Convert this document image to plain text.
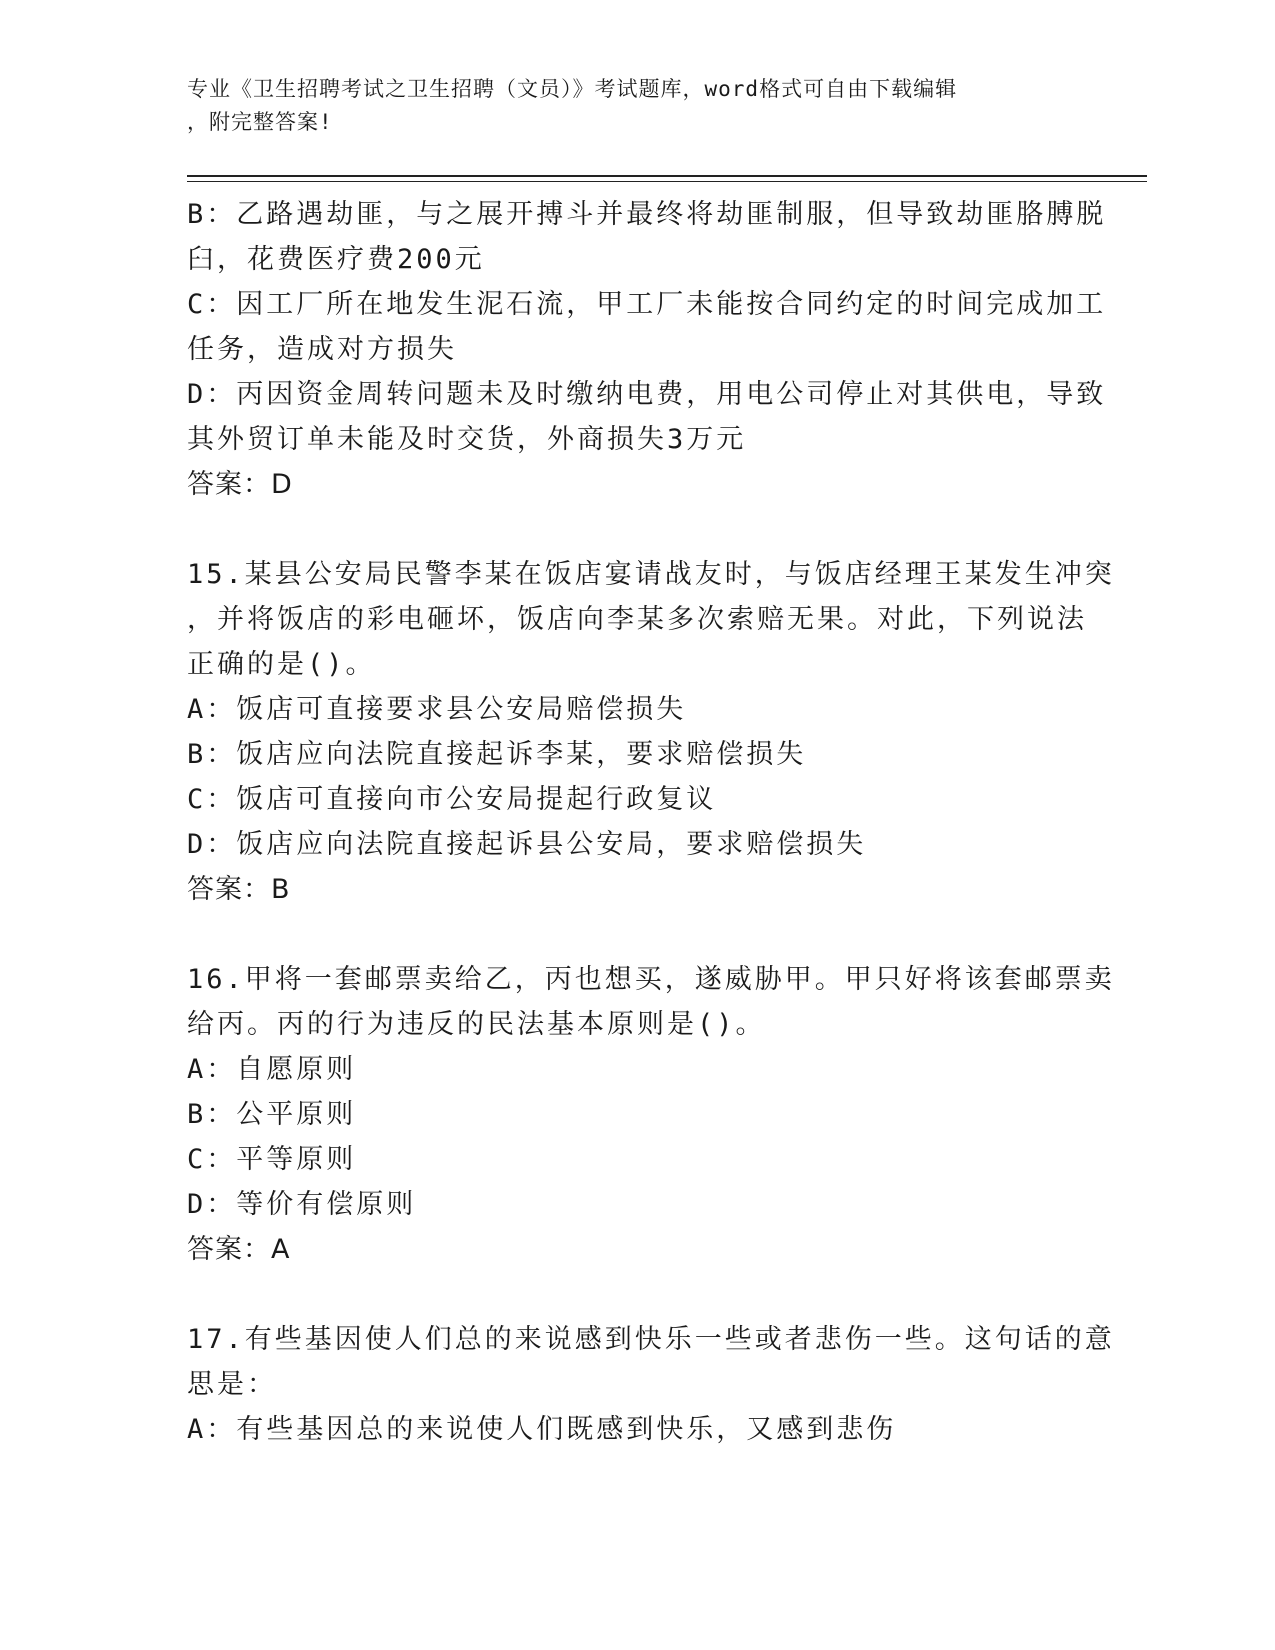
专业《卫生招聘考试之卫生招聘（文员）》考试题库，word格式可自由下载编辑
，附完整答案!
B：乙路遇劫匪，与之展开搏斗并最终将劫匪制服，但导致劫匪胳膊脱
臼，花费医疗费200元
C：因工厂所在地发生泥石流，甲工厂未能按合同约定的时间完成加工
任务，造成对方损失
D：丙因资金周转问题未及时缴纳电费，用电公司停止对其供电，导致
其外贸订单未能及时交货，外商损失3万元
答案：D
15.某县公安局民警李某在饭店宴请战友时，与饭店经理王某发生冲突
，并将饭店的彩电砸坏，饭店向李某多次索赔无果。对此，下列说法
正确的是()。
A：饭店可直接要求县公安局赔偿损失
B：饭店应向法院直接起诉李某，要求赔偿损失
C：饭店可直接向市公安局提起行政复议
D：饭店应向法院直接起诉县公安局，要求赔偿损失
答案：B
16.甲将一套邮票卖给乙，丙也想买，遂威胁甲。甲只好将该套邮票卖
给丙。丙的行为违反的民法基本原则是()。
A：自愿原则
B：公平原则
C：平等原则
D：等价有偿原则
答案：A
17.有些基因使人们总的来说感到快乐一些或者悲伤一些。这句话的意
思是：
A：有些基因总的来说使人们既感到快乐，又感到悲伤
